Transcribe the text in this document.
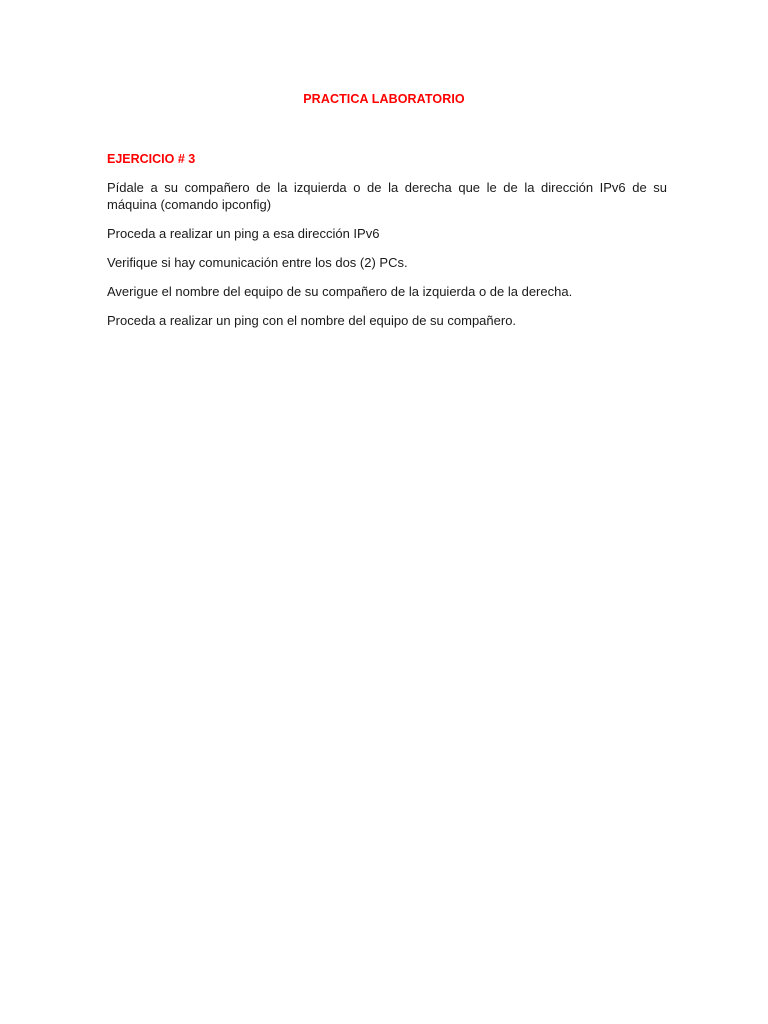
PRACTICA LABORATORIO
EJERCICIO # 3

Pídale a su compañero de la izquierda o de la derecha que le de la dirección IPv6 de su máquina (comando ipconfig)

Proceda a realizar un ping a esa dirección IPv6

Verifique si hay comunicación entre los dos (2) PCs.

Averigue el nombre del equipo de su compañero de la izquierda o de la derecha.

Proceda a realizar un ping con el nombre del equipo de su compañero.
